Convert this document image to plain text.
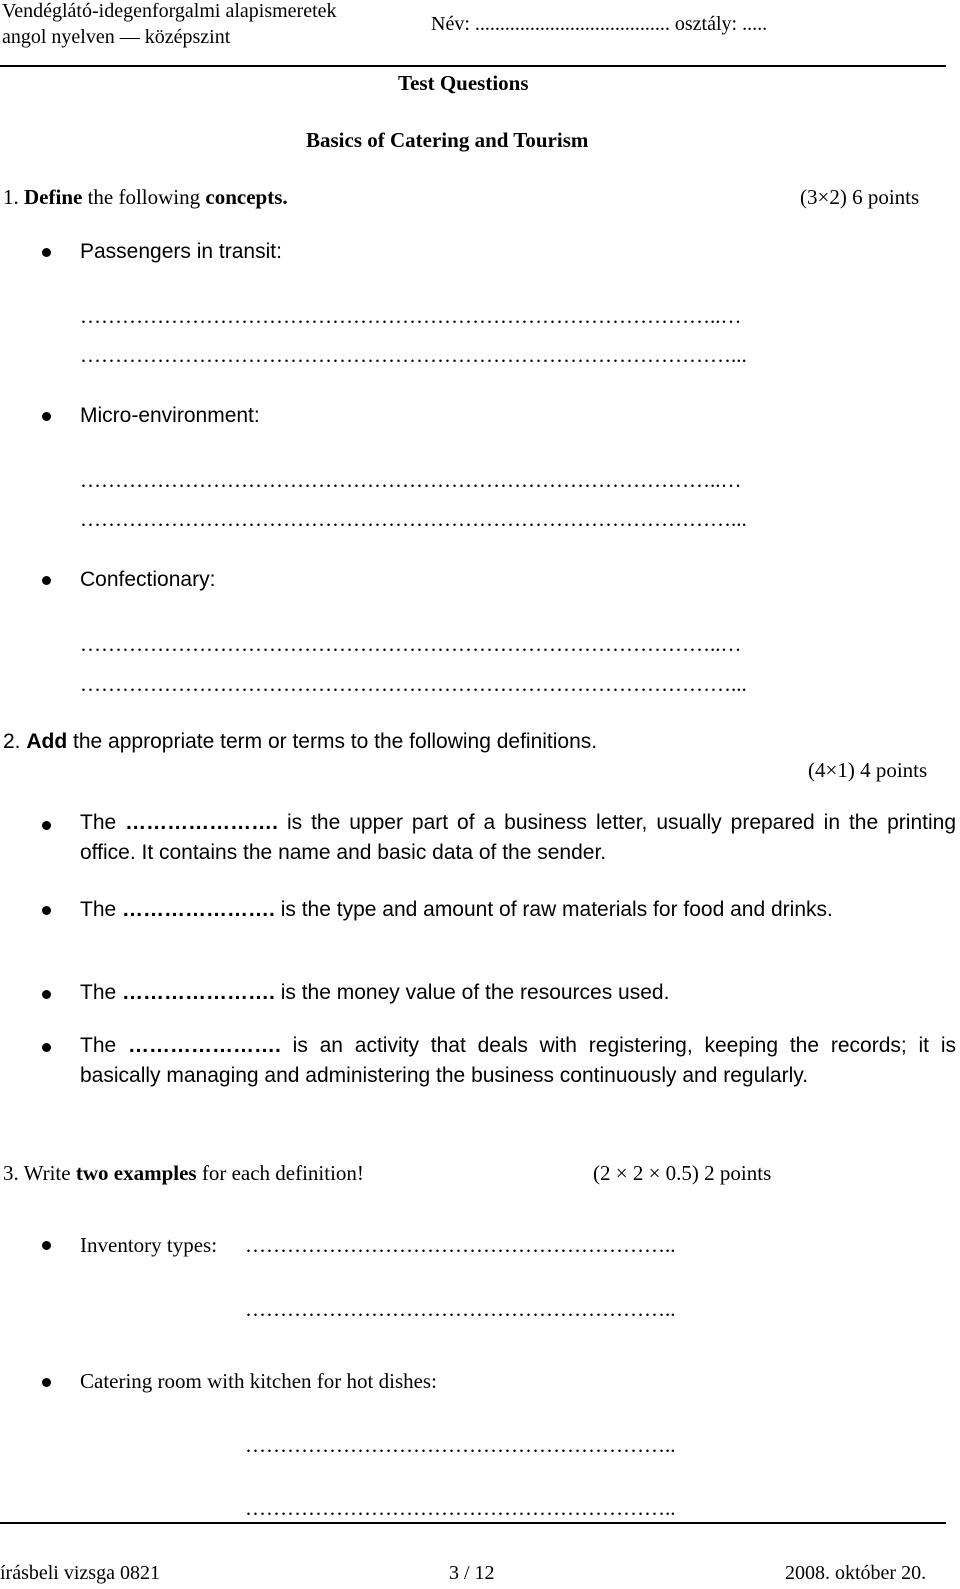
Vendéglátó-idegenforgalmi alapismeretek
angol nyelven — középszint
Név: ....................................... osztály: .....
Test Questions
Basics of Catering and Tourism
1. Define the following concepts.	(3×2) 6 points
Passengers in transit:
………………………………………………………………………………..…
…………………………………………………………………………………...
Micro-environment:
………………………………………………………………………………..…
…………………………………………………………………………………...
Confectionary:
………………………………………………………………………………..…
…………………………………………………………………………………...
2. Add the appropriate term or terms to the following definitions.
(4×1) 4 points
The …………………. is the upper part of a business letter, usually prepared in the printing office. It contains the name and basic data of the sender.
The …………………. is the type and amount of raw materials for food and drinks.
The …………………. is the money value of the resources used.
The …………………. is an activity that deals with registering, keeping the records; it is basically managing and administering the business continuously and regularly.
3. Write two examples for each definition!	(2 × 2 × 0.5) 2 points
Inventory types: ……………………………………………………..
……………………………………………………..
Catering room with kitchen for hot dishes:
……………………………………………………..
……………………………………………………..
írásbeli vizsga 0821	3 / 12	2008. október 20.
